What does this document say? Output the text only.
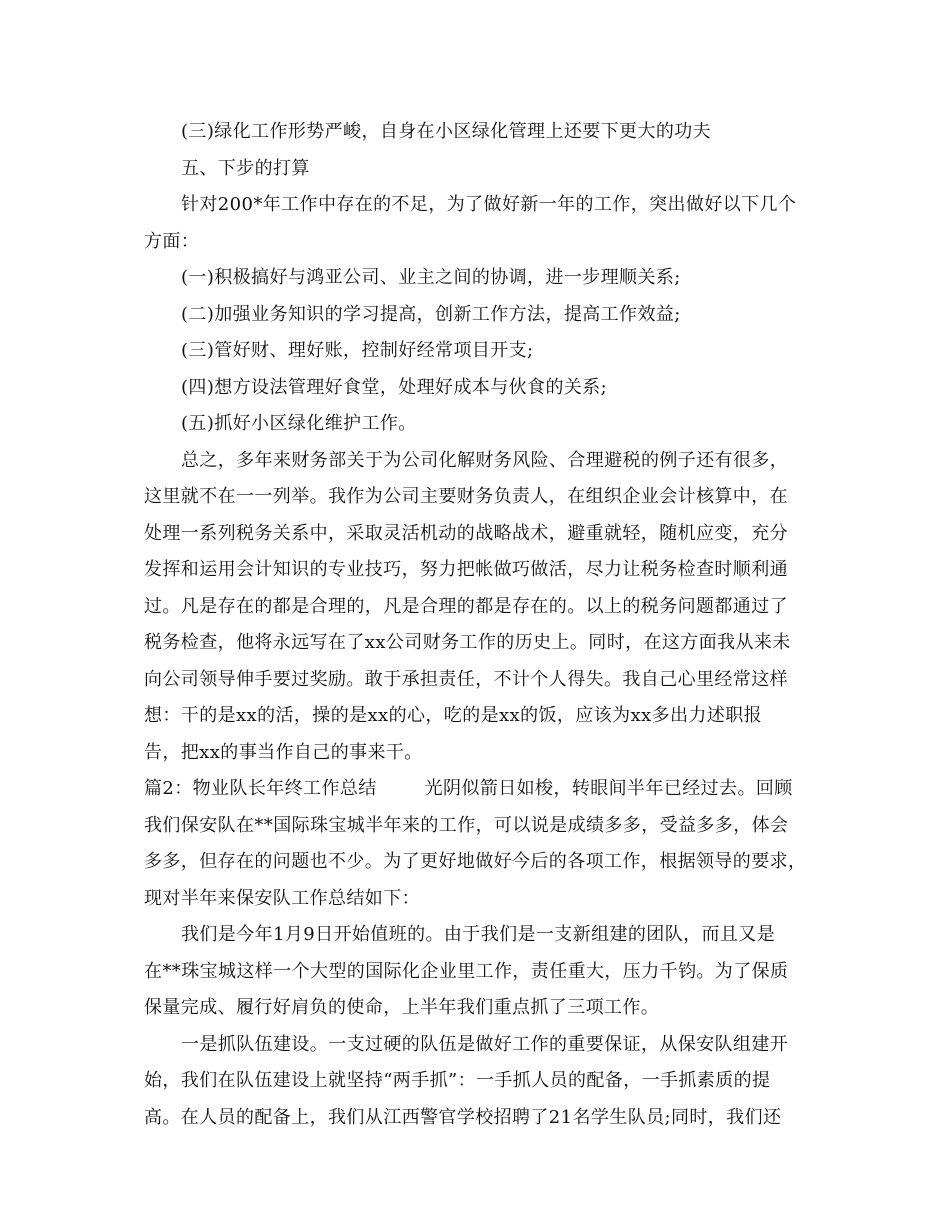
(三)绿化工作形势严峻，自身在小区绿化管理上还要下更大的功夫
五、下步的打算
针对200*年工作中存在的不足，为了做好新一年的工作，突出做好以下几个
方面：
(一)积极搞好与鸿亚公司、业主之间的协调，进一步理顺关系;
(二)加强业务知识的学习提高，创新工作方法，提高工作效益;
(三)管好财、理好账，控制好经常项目开支;
(四)想方设法管理好食堂，处理好成本与伙食的关系;
(五)抓好小区绿化维护工作。
总之，多年来财务部关于为公司化解财务风险、合理避税的例子还有很多，
这里就不在一一列举。我作为公司主要财务负责人，在组织企业会计核算中，在
处理一系列税务关系中，采取灵活机动的战略战术，避重就轻，随机应变，充分
发挥和运用会计知识的专业技巧，努力把帐做巧做活，尽力让税务检查时顺利通
过。凡是存在的都是合理的，凡是合理的都是存在的。以上的税务问题都通过了
税务检查，他将永远写在了xx公司财务工作的历史上。同时，在这方面我从来未
向公司领导伸手要过奖励。敢于承担责任，不计个人得失。我自己心里经常这样
想：干的是xx的活，操的是xx的心，吃的是xx的饭，应该为xx多出力述职报
告，把xx的事当作自己的事来干。
篇2：物业队长年终工作总结	光阴似箭日如梭，转眼间半年已经过去。回顾
我们保安队在**国际珠宝城半年来的工作，可以说是成绩多多，受益多多，体会
多多，但存在的问题也不少。为了更好地做好今后的各项工作，根据领导的要求，
现对半年来保安队工作总结如下：
我们是今年1月9日开始值班的。由于我们是一支新组建的团队，而且又是
在**珠宝城这样一个大型的国际化企业里工作，责任重大，压力千钧。为了保质
保量完成、履行好肩负的使命，上半年我们重点抓了三项工作。
一是抓队伍建设。一支过硬的队伍是做好工作的重要保证，从保安队组建开
始，我们在队伍建设上就坚持“两手抓”：一手抓人员的配备，一手抓素质的提
高。在人员的配备上，我们从江西警官学校招聘了21名学生队员;同时，我们还
